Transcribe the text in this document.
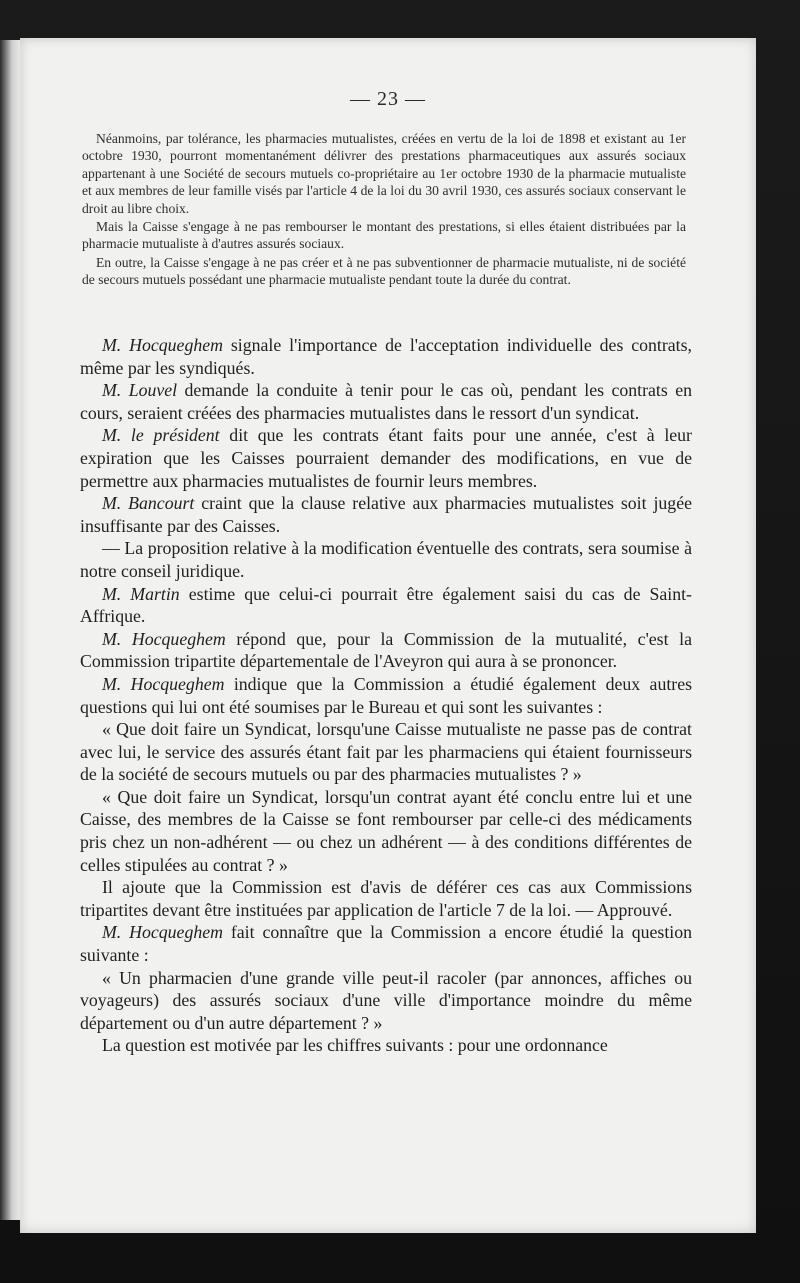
— 23 —

Néanmoins, par tolérance, les pharmacies mutualistes, créées en vertu de la loi de 1898 et existant au 1er octobre 1930, pourront momentanément délivrer des prestations pharmaceutiques aux assurés sociaux appartenant à une Société de secours mutuels co-propriétaire au 1er octobre 1930 de la pharmacie mutualiste et aux membres de leur famille visés par l'article 4 de la loi du 30 avril 1930, ces assurés sociaux conservant le droit au libre choix.

Mais la Caisse s'engage à ne pas rembourser le montant des prestations, si elles étaient distribuées par la pharmacie mutualiste à d'autres assurés sociaux.

En outre, la Caisse s'engage à ne pas créer et à ne pas subventionner de pharmacie mutualiste, ni de société de secours mutuels possédant une pharmacie mutualiste pendant toute la durée du contrat.

M. Hocqueghem signale l'importance de l'acceptation individuelle des contrats, même par les syndiqués.

M. Louvel demande la conduite à tenir pour le cas où, pendant les contrats en cours, seraient créées des pharmacies mutualistes dans le ressort d'un syndicat.

M. le président dit que les contrats étant faits pour une année, c'est à leur expiration que les Caisses pourraient demander des modifications, en vue de permettre aux pharmacies mutualistes de fournir leurs membres.

M. Bancourt craint que la clause relative aux pharmacies mutualistes soit jugée insuffisante par des Caisses.

— La proposition relative à la modification éventuelle des contrats, sera soumise à notre conseil juridique.

M. Martin estime que celui-ci pourrait être également saisi du cas de Saint-Affrique.

M. Hocqueghem répond que, pour la Commission de la mutualité, c'est la Commission tripartite départementale de l'Aveyron qui aura à se prononcer.

M. Hocqueghem indique que la Commission a étudié également deux autres questions qui lui ont été soumises par le Bureau et qui sont les suivantes :

« Que doit faire un Syndicat, lorsqu'une Caisse mutualiste ne passe pas de contrat avec lui, le service des assurés étant fait par les pharmaciens qui étaient fournisseurs de la société de secours mutuels ou par des pharmacies mutualistes ? »

« Que doit faire un Syndicat, lorsqu'un contrat ayant été conclu entre lui et une Caisse, des membres de la Caisse se font rembourser par celle-ci des médicaments pris chez un non-adhérent — ou chez un adhérent — à des conditions différentes de celles stipulées au contrat ? »

Il ajoute que la Commission est d'avis de déférer ces cas aux Commissions tripartites devant être instituées par application de l'article 7 de la loi. — Approuvé.

M. Hocqueghem fait connaître que la Commission a encore étudié la question suivante :

« Un pharmacien d'une grande ville peut-il racoler (par annonces, affiches ou voyageurs) des assurés sociaux d'une ville d'importance moindre du même département ou d'un autre département ? »

La question est motivée par les chiffres suivants : pour une ordonnance
